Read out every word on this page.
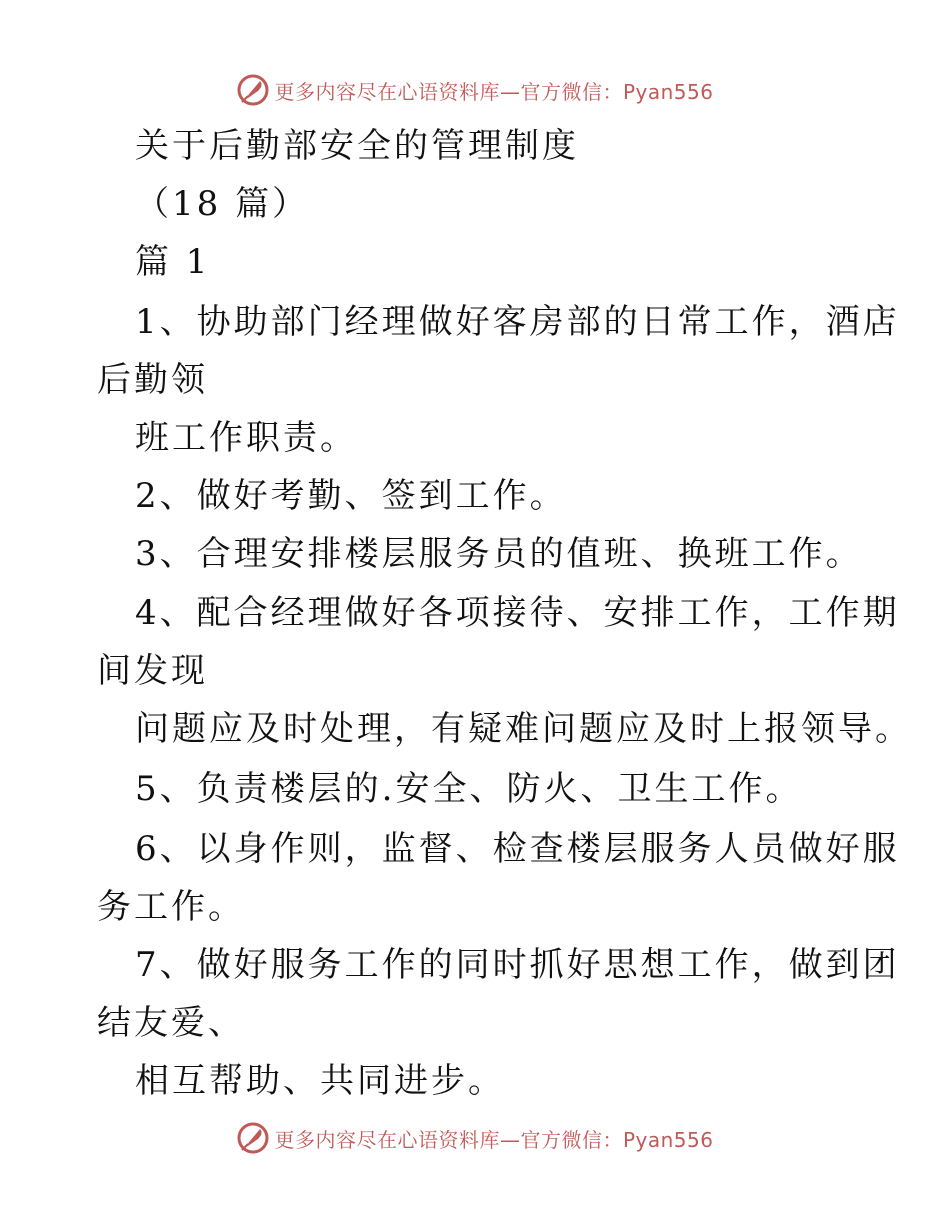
更多内容尽在心语资料库—官方微信：Pyan556
关于后勤部安全的管理制度
（18 篇）
篇 1
1、协助部门经理做好客房部的日常工作，酒店
后勤领
班工作职责。
2、做好考勤、签到工作。
3、合理安排楼层服务员的值班、换班工作。
4、配合经理做好各项接待、安排工作，工作期
间发现
问题应及时处理，有疑难问题应及时上报领导。
5、负责楼层的.安全、防火、卫生工作。
6、以身作则，监督、检查楼层服务人员做好服
务工作。
7、做好服务工作的同时抓好思想工作，做到团
结友爱、
相互帮助、共同进步。
更多内容尽在心语资料库—官方微信：Pyan556
